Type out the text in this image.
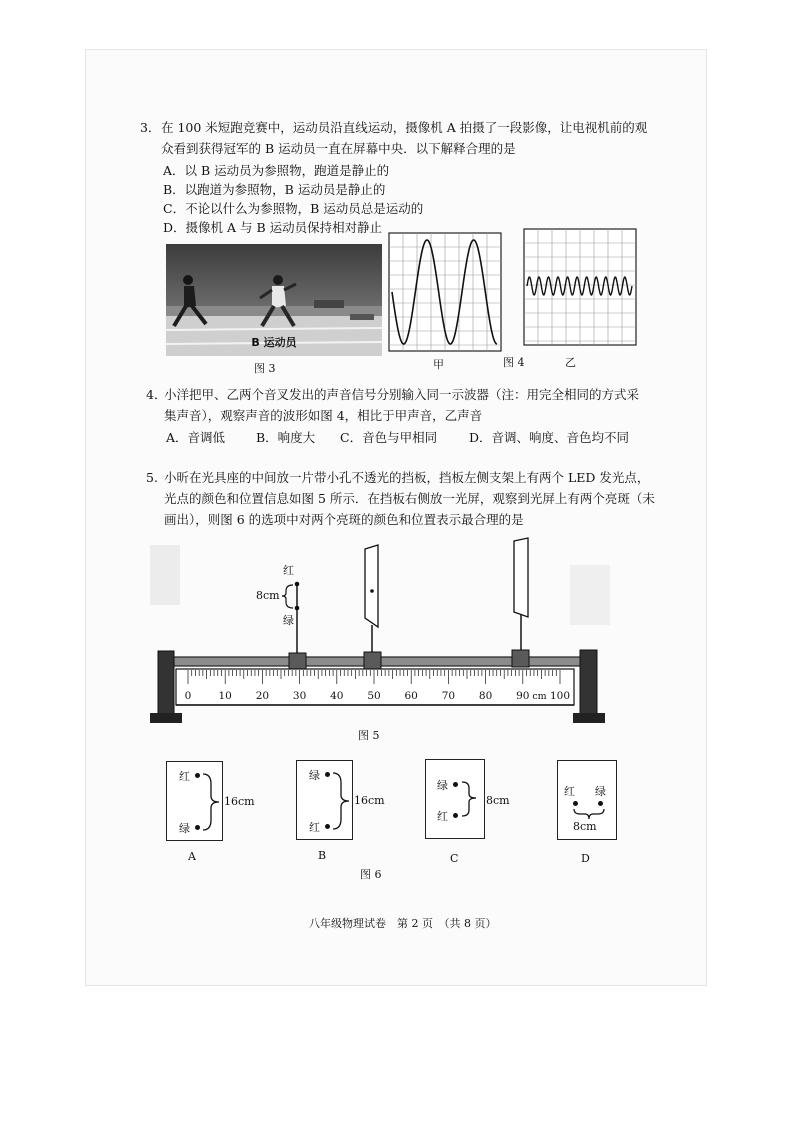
3． 在 100 米短跑竞赛中，运动员沿直线运动，摄像机 A 拍摄了一段影像，让电视机前的观
众看到获得冠军的 B 运动员一直在屏幕中央．以下解释合理的是
A．以 B 运动员为参照物，跑道是静止的
B．以跑道为参照物，B 运动员是静止的
C．不论以什么为参照物，B 运动员总是运动的
D．摄像机 A 与 B 运动员保持相对静止
B 运动员
图 3	甲	图 4	乙
4．
小洋把甲、乙两个音叉发出的声音信号分别输入同一示波器（注：用完全相同的方式采
集声音），观察声音的波形如图 4，相比于甲声音，乙声音
A．音调低 B．响度大 C．音色与甲相同	D．音调、响度、音色均不同
5. 小昕在光具座的中间放一片带小孔不透光的挡板，挡板左侧支架上有两个 LED 发光点，
光点的颜色和位置信息如图 5 所示．在挡板右侧放一光屏，观察到光屏上有两个亮斑（未
画出），则图 6 的选项中对两个亮斑的颜色和位置表示最合理的是
0	10 20 30 40 50 60 70 80 90 100
cm
红
绿
8cm
图 5
红
绿
16cm
A
绿
红
16cm
B
绿
红
8cm
C
红 绿
8cm
D
图 6
八年级物理试卷　第 2 页　（共 8 页）
